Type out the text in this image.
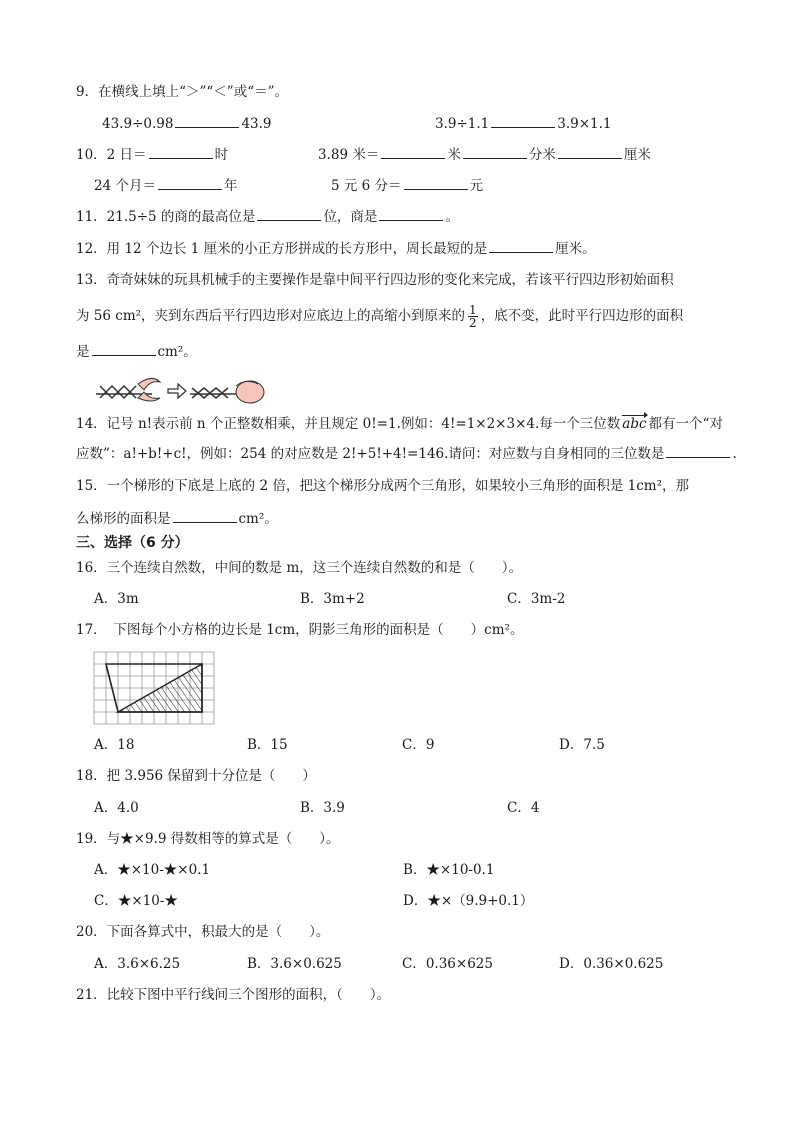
9．在横线上填上“＞”“＜”或“＝”。
43.9÷0.98	43.9	3.9÷1.1	3.9×1.1
10．2 日＝	时	3.89 米＝	米	分米	厘米
24 个月＝	年	5 元 6 分＝	元
11．21.5÷5 的商的最高位是	位，商是	。
12．用 12 个边长 1 厘米的小正方形拼成的长方形中，周长最短的是	厘米。
13．奇奇妹妹的玩具机械手的主要操作是靠中间平行四边形的变化来完成，若该平行四边形初始面积
为 56 cm²，夹到东西后平行四边形对应底边上的高缩小到原来的 $\frac{1}{2}$ ，底不变，此时平行四边形的面积
是	cm²。
14．记号 n!表示前 n 个正整数相乘，并且规定 0!=1.例如：4!=1×2×3×4.每一个三位数 abc 都有一个“对
应数”：a!+b!+c!，例如：254 的对应数是 2!+5!+4!=146.请问：对应数与自身相同的三位数是	.
15．一个梯形的下底是上底的 2 倍，把这个梯形分成两个三角形，如果较小三角形的面积是 1cm²，那
么梯形的面积是	cm²。
三、选择（6 分）
16．三个连续自然数，中间的数是 m，这三个连续自然数的和是（　　）。
A．3m	B．3m+2	C．3m-2
17．　下图每个小方格的边长是 1cm，阴影三角形的面积是（　　）cm²。
A．18	B．15	C．9	D．7.5
18．把 3.956 保留到十分位是（　　）
A．4.0	B．3.9	C．4
19．与★×9.9 得数相等的算式是（　　）。
A．★×10-★×0.1	B．★×10-0.1
C．★×10-★	D．★×（9.9+0.1）
20．下面各算式中，积最大的是（　　）。
A．3.6×6.25	B．3.6×0.625	C．0.36×625	D．0.36×0.625
21．比较下图中平行线间三个图形的面积，（　　）。
